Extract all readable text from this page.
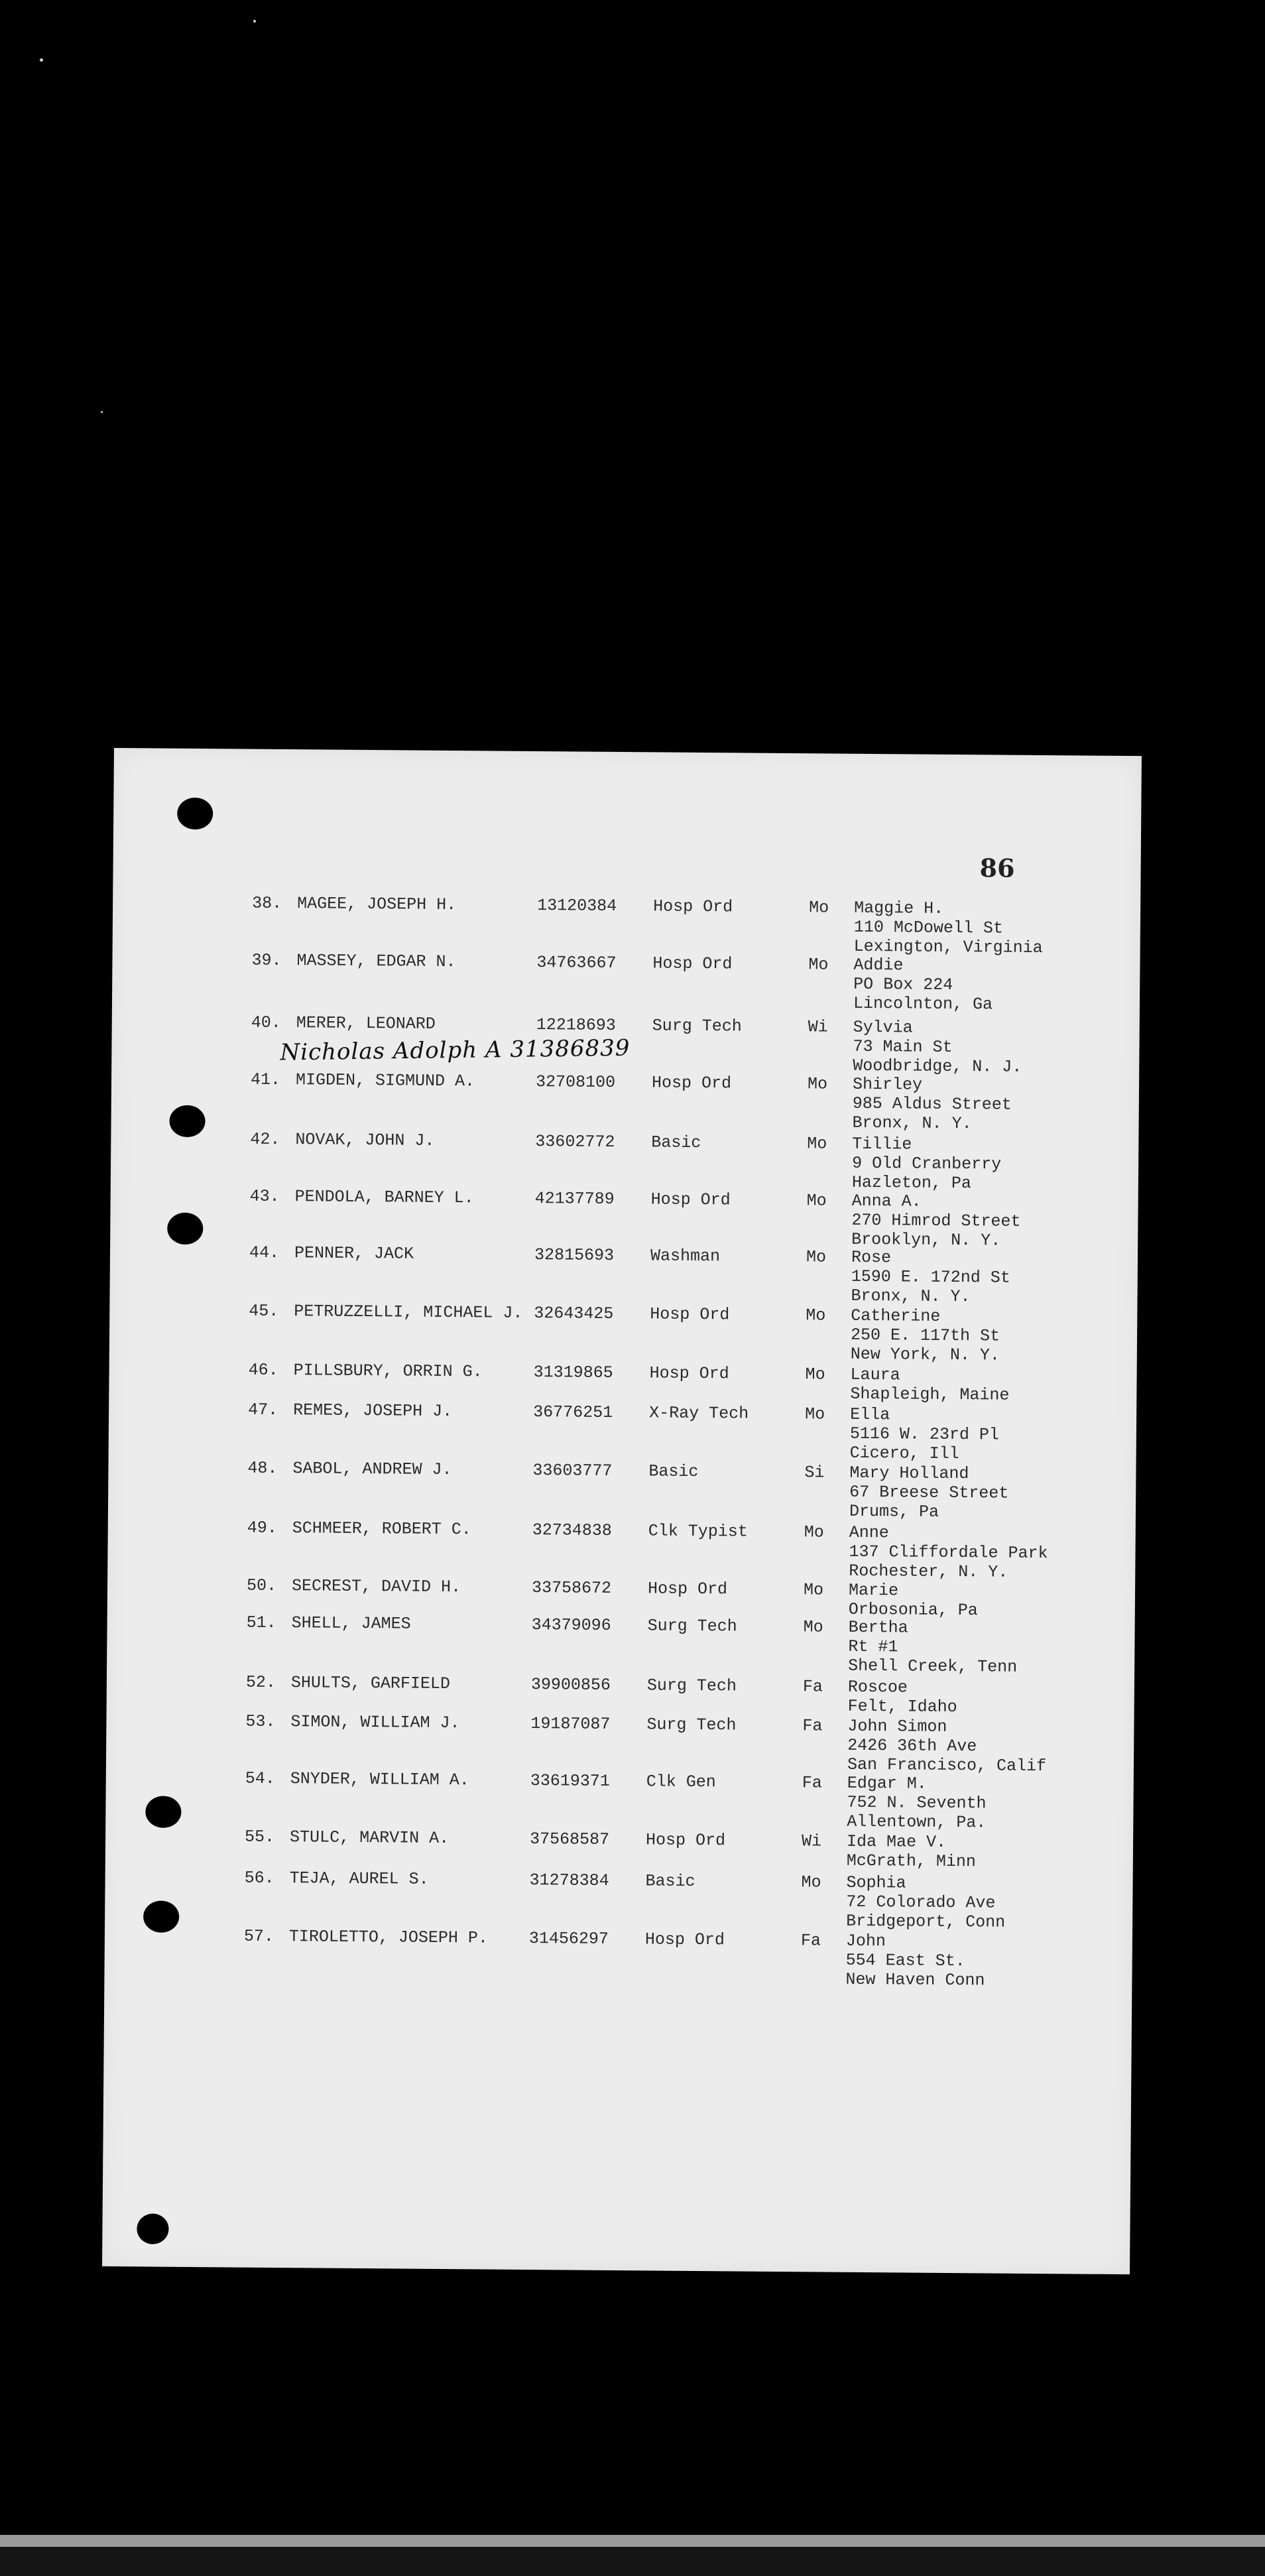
86
Nicholas Adolph A 31386839
38. MAGEE, JOSEPH H.	13120384 Hosp Ord	Mo Maggie H.
110 McDowell St
Lexington, Virginia
39. MASSEY, EDGAR N.	34763667 Hosp Ord	Mo Addie
PO Box 224
Lincolnton, Ga
40. MERER, LEONARD	12218693 Surg Tech	Wi Sylvia
73 Main St
Woodbridge, N. J.
41. MIGDEN, SIGMUND A.	32708100 Hosp Ord	Mo Shirley
985 Aldus Street
Bronx, N. Y.
42. NOVAK, JOHN J.	33602772 Basic	Mo Tillie
9 Old Cranberry
Hazleton, Pa
43. PENDOLA, BARNEY L.	42137789 Hosp Ord	Mo Anna A.
270 Himrod Street
Brooklyn, N. Y.
44. PENNER, JACK	32815693 Washman	Mo Rose
1590 E. 172nd St
Bronx, N. Y.
45. PETRUZZELLI, MICHAEL J. 32643425 Hosp Ord	Mo Catherine
250 E. 117th St
New York, N. Y.
46. PILLSBURY, ORRIN G.	31319865 Hosp Ord	Mo Laura
Shapleigh, Maine
47. REMES, JOSEPH J.	36776251 X-Ray Tech	Mo Ella
5116 W. 23rd Pl
Cicero, Ill
48. SABOL, ANDREW J.	33603777 Basic	Si Mary Holland
67 Breese Street
Drums, Pa
49. SCHMEER, ROBERT C.	32734838 Clk Typist	Mo Anne
137 Cliffordale Park
Rochester, N. Y.
50. SECREST, DAVID H.	33758672 Hosp Ord	Mo Marie
Orbosonia, Pa
51. SHELL, JAMES	34379096 Surg Tech	Mo Bertha
Rt #1
Shell Creek, Tenn
52. SHULTS, GARFIELD	39900856 Surg Tech	Fa Roscoe
Felt, Idaho
53. SIMON, WILLIAM J.	19187087 Surg Tech	Fa John Simon
2426 36th Ave
San Francisco, Calif
54. SNYDER, WILLIAM A.	33619371 Clk Gen	Fa Edgar M.
752 N. Seventh
Allentown, Pa.
55. STULC, MARVIN A.	37568587 Hosp Ord	Wi Ida Mae V.
McGrath, Minn
56. TEJA, AUREL S.	31278384 Basic	Mo Sophia
72 Colorado Ave
Bridgeport, Conn
57. TIROLETTO, JOSEPH P. 31456297 Hosp Ord	Fa John
554 East St.
New Haven Conn
